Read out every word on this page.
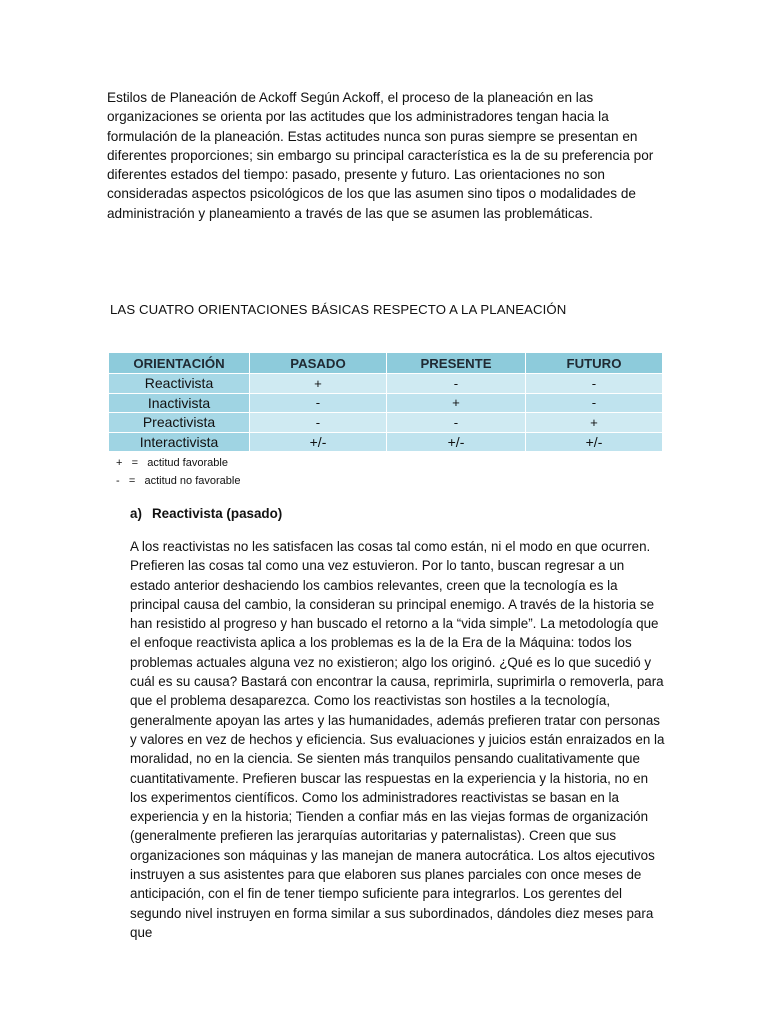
Estilos de Planeación de Ackoff Según Ackoff, el proceso de la planeación en las organizaciones se orienta por las actitudes que los administradores tengan hacia la formulación de la planeación. Estas actitudes nunca son puras siempre se presentan en diferentes proporciones; sin embargo su principal característica es la de su preferencia por diferentes estados del tiempo: pasado, presente y futuro. Las orientaciones no son consideradas aspectos psicológicos de los que las asumen sino tipos o modalidades de administración y planeamiento a través de las que se asumen las problemáticas.

LAS CUATRO ORIENTACIONES BÁSICAS RESPECTO A LA PLANEACIÓN
ORIENTACIÓN	PASADO	PRESENTE	FUTURO
Reactivista	+	-	-
Inactivista	-	+	-
Preactivista	-	-	+
Interactivista	+/-	+/-	+/-
+ = actitud favorable
- = actitud no favorable
a) Reactivista (pasado)

A los reactivistas no les satisfacen las cosas tal como están, ni el modo en que ocurren. Prefieren las cosas tal como una vez estuvieron. Por lo tanto, buscan regresar a un estado anterior deshaciendo los cambios relevantes, creen que la tecnología es la principal causa del cambio, la consideran su principal enemigo. A través de la historia se han resistido al progreso y han buscado el retorno a la “vida simple”. La metodología que el enfoque reactivista aplica a los problemas es la de la Era de la Máquina: todos los problemas actuales alguna vez no existieron; algo los originó. ¿Qué es lo que sucedió y cuál es su causa? Bastará con encontrar la causa, reprimirla, suprimirla o removerla, para que el problema desaparezca. Como los reactivistas son hostiles a la tecnología, generalmente apoyan las artes y las humanidades, además prefieren tratar con personas y valores en vez de hechos y eficiencia. Sus evaluaciones y juicios están enraizados en la moralidad, no en la ciencia. Se sienten más tranquilos pensando cualitativamente que cuantitativamente. Prefieren buscar las respuestas en la experiencia y la historia, no en los experimentos científicos. Como los administradores reactivistas se basan en la experiencia y en la historia; Tienden a confiar más en las viejas formas de organización (generalmente prefieren las jerarquías autoritarias y paternalistas). Creen que sus organizaciones son máquinas y las manejan de manera autocrática. Los altos ejecutivos instruyen a sus asistentes para que elaboren sus planes parciales con once meses de anticipación, con el fin de tener tiempo suficiente para integrarlos. Los gerentes del segundo nivel instruyen en forma similar a sus subordinados, dándoles diez meses para que
